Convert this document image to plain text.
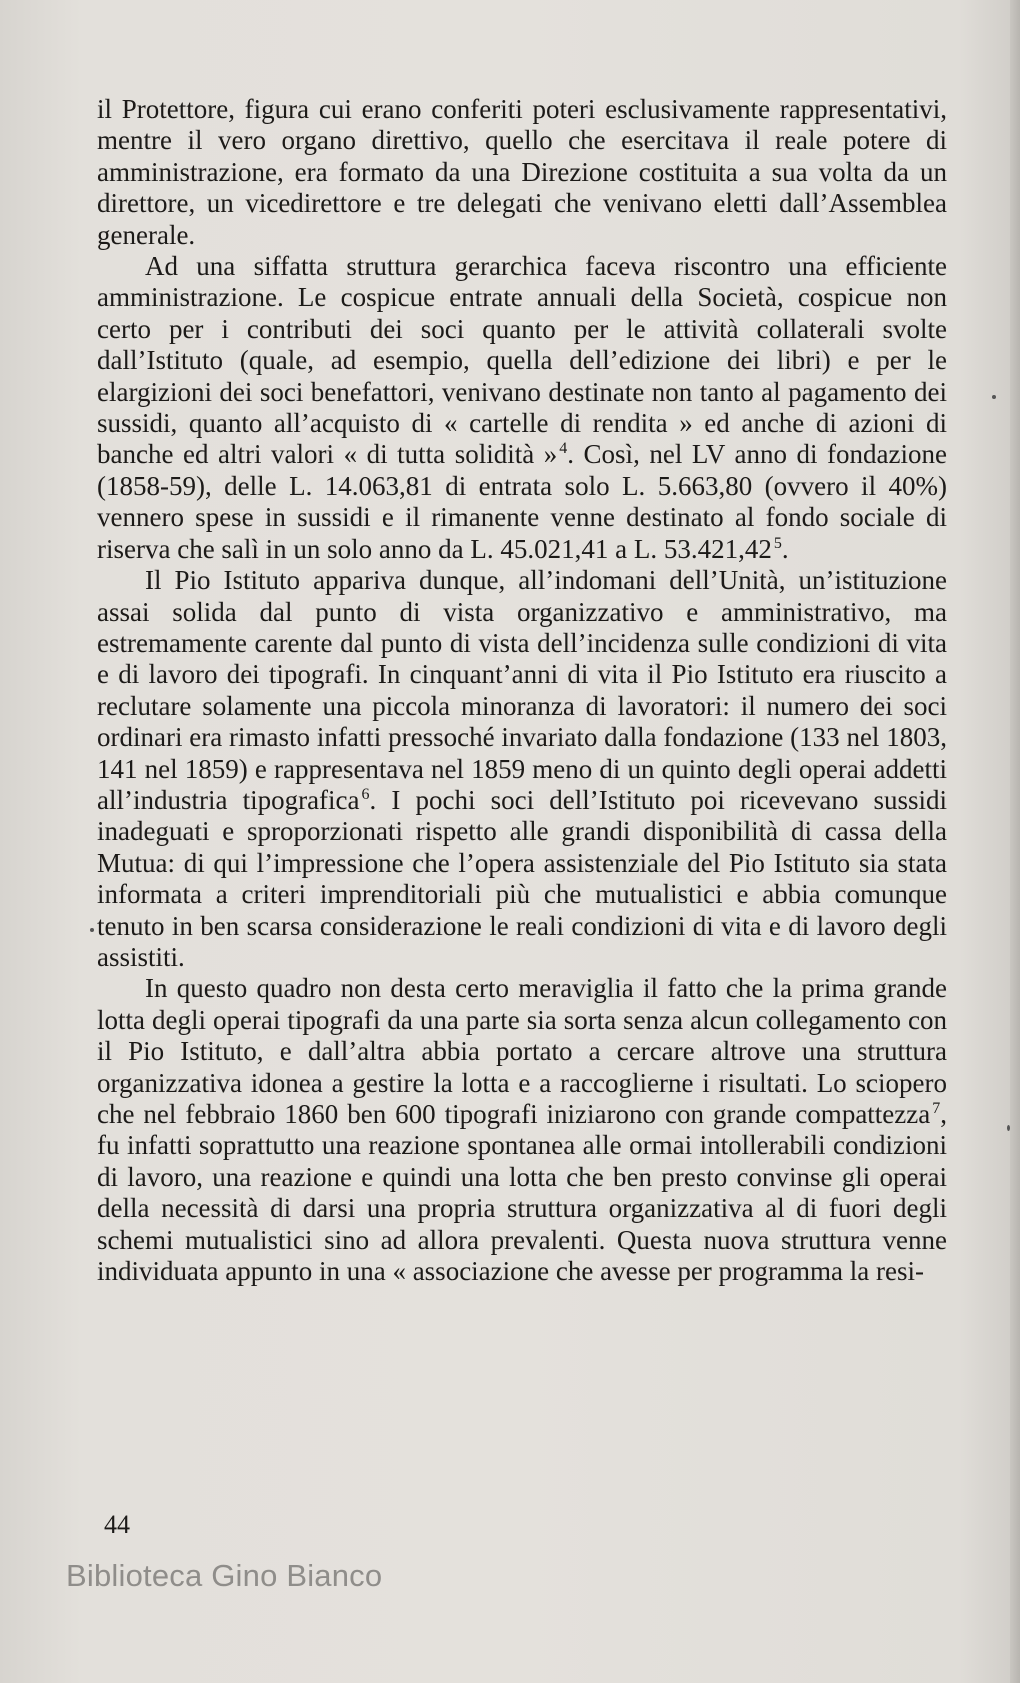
il Protettore, figura cui erano conferiti poteri esclusivamente rappresentativi, mentre il vero organo direttivo, quello che esercitava il reale potere di amministrazione, era formato da una Direzione costituita a sua volta da un direttore, un vicedirettore e tre delegati che venivano eletti dall’Assemblea generale.

Ad una siffatta struttura gerarchica faceva riscontro una efficiente amministrazione. Le cospicue entrate annuali della Società, cospicue non certo per i contributi dei soci quanto per le attività collaterali svolte dall’Istituto (quale, ad esempio, quella dell’edizione dei libri) e per le elargizioni dei soci benefattori, venivano destinate non tanto al pagamento dei sussidi, quanto all’acquisto di « cartelle di rendita » ed anche di azioni di banche ed altri valori « di tutta solidità » $^4$. Così, nel LV anno di fondazione (1858-59), delle L. 14.063,81 di entrata solo L. 5.663,80 (ovvero il 40%) vennero spese in sussidi e il rimanente venne destinato al fondo sociale di riserva che salì in un solo anno da L. 45.021,41 a L. 53.421,42 $^5$.

Il Pio Istituto appariva dunque, all’indomani dell’Unità, un’istituzione assai solida dal punto di vista organizzativo e amministrativo, ma estremamente carente dal punto di vista dell’incidenza sulle condizioni di vita e di lavoro dei tipografi. In cinquant’anni di vita il Pio Istituto era riuscito a reclutare solamente una piccola minoranza di lavoratori: il numero dei soci ordinari era rimasto infatti pressoché invariato dalla fondazione (133 nel 1803, 141 nel 1859) e rappresentava nel 1859 meno di un quinto degli operai addetti all’industria tipografica $^6$. I pochi soci dell’Istituto poi ricevevano sussidi inadeguati e sproporzionati rispetto alle grandi disponibilità di cassa della Mutua: di qui l’impressione che l’opera assistenziale del Pio Istituto sia stata informata a criteri imprenditoriali più che mutualistici e abbia comunque tenuto in ben scarsa considerazione le reali condizioni di vita e di lavoro degli assistiti.

In questo quadro non desta certo meraviglia il fatto che la prima grande lotta degli operai tipografi da una parte sia sorta senza alcun collegamento con il Pio Istituto, e dall’altra abbia portato a cercare altrove una struttura organizzativa idonea a gestire la lotta e a raccoglierne i risultati. Lo sciopero che nel febbraio 1860 ben 600 tipografi iniziarono con grande compattezza $^7$, fu infatti soprattutto una reazione spontanea alle ormai intollerabili condizioni di lavoro, una reazione e quindi una lotta che ben presto convinse gli operai della necessità di darsi una propria struttura organizzativa al di fuori degli schemi mutualistici sino ad allora prevalenti. Questa nuova struttura venne individuata appunto in una « associazione che avesse per programma la resi-

44
Biblioteca Gino Bianco
